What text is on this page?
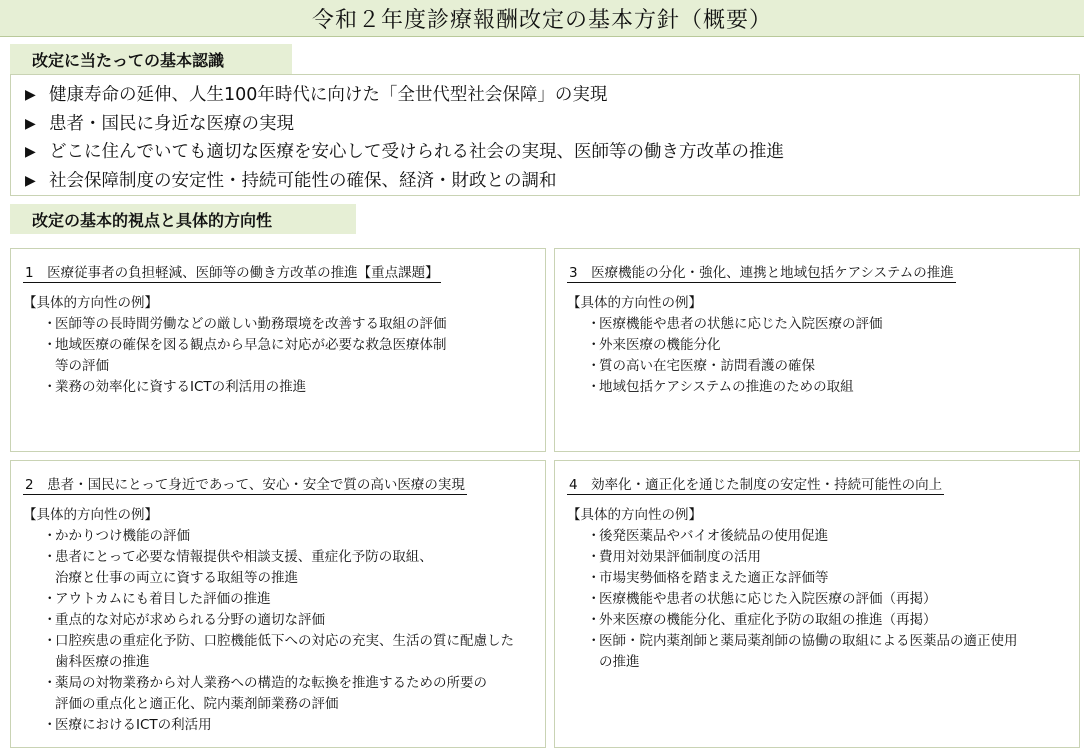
令和２年度診療報酬改定の基本方針（概要）
改定に当たっての基本認識
▶ 健康寿命の延伸、人生100年時代に向けた「全世代型社会保障」の実現
▶ 患者・国民に身近な医療の実現
▶ どこに住んでいても適切な医療を安心して受けられる社会の実現、医師等の働き方改革の推進
▶ 社会保障制度の安定性・持続可能性の確保、経済・財政との調和
改定の基本的視点と具体的方向性
1　医療従事者の負担軽減、医師等の働き方改革の推進【重点課題】
【具体的方向性の例】
・医師等の長時間労働などの厳しい勤務環境を改善する取組の評価
・地域医療の確保を図る観点から早急に対応が必要な救急医療体制
等の評価
・業務の効率化に資するICTの利活用の推進
2　患者・国民にとって身近であって、安心・安全で質の高い医療の実現
【具体的方向性の例】
・かかりつけ機能の評価
・患者にとって必要な情報提供や相談支援、重症化予防の取組、
治療と仕事の両立に資する取組等の推進
・アウトカムにも着目した評価の推進
・重点的な対応が求められる分野の適切な評価
・口腔疾患の重症化予防、口腔機能低下への対応の充実、生活の質に配慮した
歯科医療の推進
・薬局の対物業務から対人業務への構造的な転換を推進するための所要の
評価の重点化と適正化、院内薬剤師業務の評価
・医療におけるICTの利活用
3　医療機能の分化・強化、連携と地域包括ケアシステムの推進
【具体的方向性の例】
・医療機能や患者の状態に応じた入院医療の評価
・外来医療の機能分化
・質の高い在宅医療・訪問看護の確保
・地域包括ケアシステムの推進のための取組
4　効率化・適正化を通じた制度の安定性・持続可能性の向上
【具体的方向性の例】
・後発医薬品やバイオ後続品の使用促進
・費用対効果評価制度の活用
・市場実勢価格を踏まえた適正な評価等
・医療機能や患者の状態に応じた入院医療の評価（再掲）
・外来医療の機能分化、重症化予防の取組の推進（再掲）
・医師・院内薬剤師と薬局薬剤師の協働の取組による医薬品の適正使用
の推進
